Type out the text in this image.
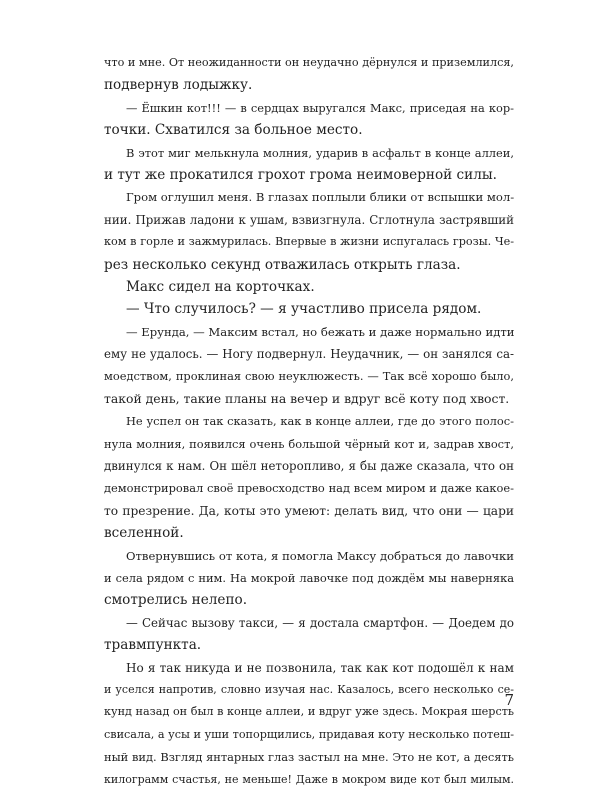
что и мне. От неожиданности он неудачно дёрнулся и приземлился,
подвернув лодыжку.
— Ёшкин кот!!! — в сердцах выругался Макс, приседая на кор-
точки. Схватился за больное место.
В этот миг мелькнула молния, ударив в асфальт в конце аллеи,
и тут же прокатился грохот грома неимоверной силы.
Гром оглушил меня. В глазах поплыли блики от вспышки мол-
нии. Прижав ладони к ушам, взвизгнула. Сглотнула застрявший
ком в горле и зажмурилась. Впервые в жизни испугалась грозы. Че-
рез несколько секунд отважилась открыть глаза.
Макс сидел на корточках.
— Что случилось? — я участливо присела рядом.
— Ерунда, — Максим встал, но бежать и даже нормально идти
ему не удалось. — Ногу подвернул. Неудачник, — он занялся са-
моедством, проклиная свою неуклюжесть. — Так всё хорошо было,
такой день, такие планы на вечер и вдруг всё коту под хвост.
Не успел он так сказать, как в конце аллеи, где до этого полос-
нула молния, появился очень большой чёрный кот и, задрав хвост,
двинулся к нам. Он шёл неторопливо, я бы даже сказала, что он
демонстрировал своё превосходство над всем миром и даже какое-
то презрение. Да, коты это умеют: делать вид, что они — цари
вселенной.
Отвернувшись от кота, я помогла Максу добраться до лавочки
и села рядом с ним. На мокрой лавочке под дождём мы наверняка
смотрелись нелепо.
— Сейчас вызову такси, — я достала смартфон. — Доедем до
травмпункта.
Но я так никуда и не позвонила, так как кот подошёл к нам
и уселся напротив, словно изучая нас. Казалось, всего несколько се-
кунд назад он был в конце аллеи, и вдруг уже здесь. Мокрая шерсть
свисала, а усы и уши топорщились, придавая коту несколько потеш-
ный вид. Взгляд янтарных глаз застыл на мне. Это не кот, а десять
килограмм счастья, не меньше! Даже в мокром виде кот был милым.
7
